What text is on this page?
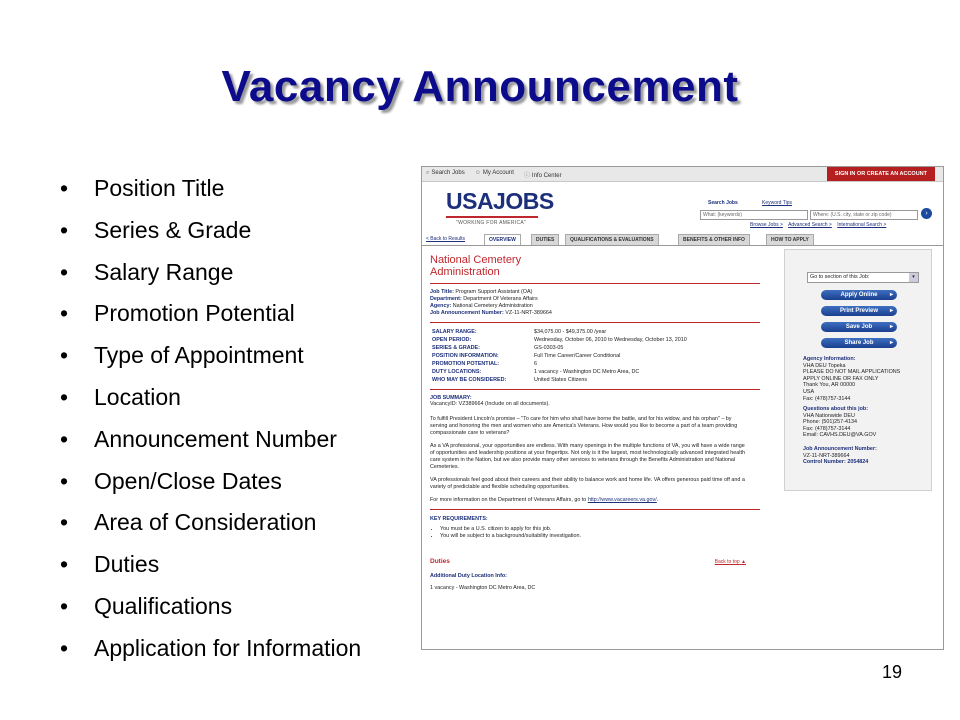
Vacancy Announcement
• Position Title
• Series & Grade
• Salary Range
• Promotion Potential
• Type of Appointment
• Location
• Announcement Number
• Open/Close Dates
• Area of Consideration
• Duties
• Qualifications
• Application for Information
⌕ Search Jobs ☺ My Account ⓘ Info Center	SIGN IN OR CREATE AN ACCOUNT
USAJOBS
"WORKING FOR AMERICA"
Search Jobs	Keyword Tips
What: (keywords)	Where: (U.S. city, state or zip code)	›
Browse Jobs > Advanced Search > International Search >
< Back to Results	OVERVIEW	DUTIES	QUALIFICATIONS & EVALUATIONS	BENEFITS & OTHER INFO	HOW TO APPLY
National Cemetery
Administration

Job Title: Program Support Assistant (OA)

Department: Department Of Veterans Affairs

Agency: National Cemetery Administration

Job Announcement Number: VZ-11-NRT-389664

SALARY RANGE:	$34,075.00 - $49,375.00 /year
OPEN PERIOD:	Wednesday, October 06, 2010 to Wednesday, October 13, 2010
SERIES & GRADE:	GS-0303-05
POSITION INFORMATION:	Full Time Career/Career Conditional
PROMOTION POTENTIAL:	6
DUTY LOCATIONS:	1 vacancy - Washington DC Metro Area, DC
WHO MAY BE CONSIDERED:	United States Citizens
JOB SUMMARY:
VacancyID: VZ389664 (Include on all documents).

To fulfill President Lincoln's promise – "To care for him who shall have borne the battle, and for his widow, and his orphan" – by serving and honoring the men and women who are America's Veterans. How would you like to become a part of a team providing compassionate care to veterans?

As a VA professional, your opportunities are endless. With many openings in the multiple functions of VA, you will have a wide range of opportunities and leadership positions at your fingertips. Not only is it the largest, most technologically advanced integrated health care system in the Nation, but we also provide many other services to veterans through the Benefits Administration and National Cemeteries.

VA professionals feel good about their careers and their ability to balance work and home life. VA offers generous paid time off and a variety of predictable and flexible scheduling opportunities.

For more information on the Department of Veterans Affairs, go to http://www.vacareers.va.gov/.

KEY REQUIREMENTS:
• You must be a U.S. citizen to apply for this job.
• You will be subject to a background/suitability investigation.
Duties	Back to top ▲
Additional Duty Location Info:
1 vacancy - Washington DC Metro Area, DC
Go to section of this Job:	▾
Apply Online ▸
Print Preview ▸
Save Job	▸
Share Job	▸
Agency Information:
VHA DEU Topeka
PLEASE DO NOT MAIL APPLICATIONS
APPLY ONLINE OR FAX ONLY
Thank You, AR 00000
USA
Fax: (478)757-3144
Questions about this job:
VHA Nationwide DEU
Phone: (501)257-4134
Fax: (478)757-3144
Email: CAVHS.DEU@VA.GOV
Job Announcement Number:
VZ-11-NRT-389664
Control Number: 2054824
19
